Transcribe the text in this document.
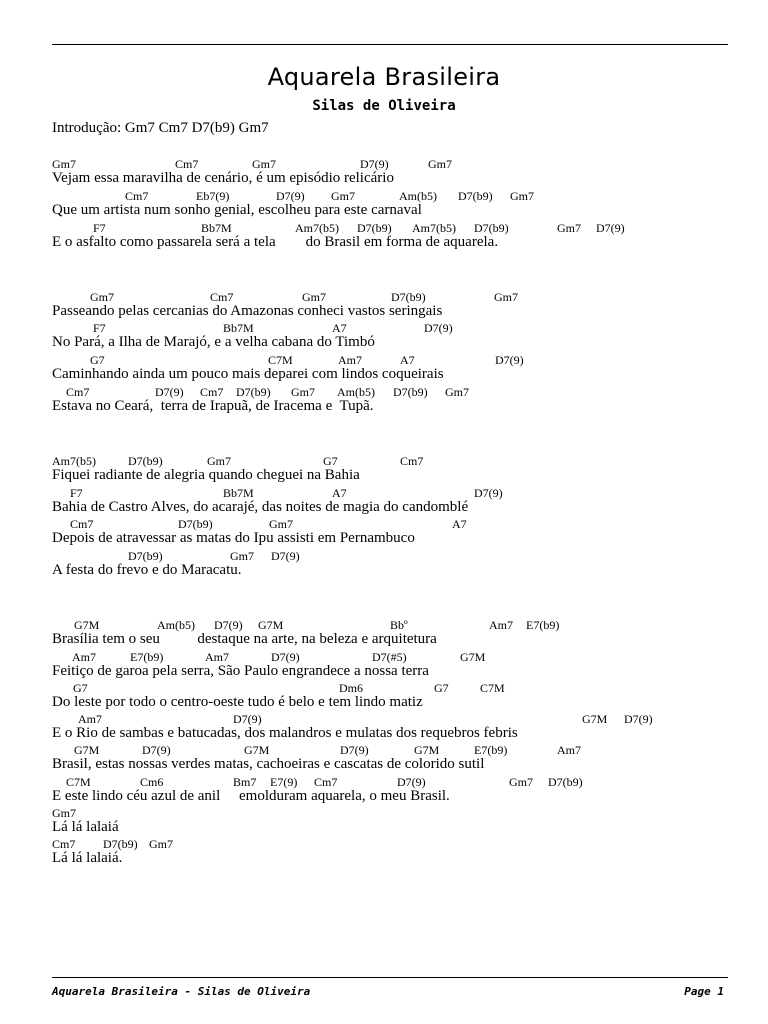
Aquarela Brasileira
Silas de Oliveira
Introdução: Gm7 Cm7 D7(b9) Gm7
Gm7	Cm7	Gm7	D7(9)	Gm7
Vejam essa maravilha de cenário, é um episódio relicário
Cm7	Eb7(9)	D7(9) Gm7	Am(b5) D7(b9) Gm7
Que um artista num sonho genial, escolheu para este carnaval
F7	Bb7M	Am7(b5) D7(b9) Am7(b5) D7(b9)	Gm7 D7(9)
E o asfalto como passarela será a tela        do Brasil em forma de aquarela.
Gm7	Cm7	Gm7	D7(b9)	Gm7
Passeando pelas cercanias do Amazonas conheci vastos seringais
F7	Bb7M	A7	D7(9)
No Pará, a Ilha de Marajó, e a velha cabana do Timbó
G7	C7M	Am7	A7	D7(9)
Caminhando ainda um pouco mais deparei com lindos coqueirais
Cm7	D7(9) Cm7 D7(b9) Gm7 Am(b5) D7(b9) Gm7
Estava no Ceará,  terra de Irapuã, de Iracema e  Tupã.
Am7(b5)	D7(b9)	Gm7	G7	Cm7
Fiquei radiante de alegria quando cheguei na Bahia
F7	Bb7M	A7	D7(9)
Bahia de Castro Alves, do acarajé, das noites de magia do candomblé
Cm7	D7(b9)	Gm7	A7
Depois de atravessar as matas do Ipu assisti em Pernambuco
D7(b9)	Gm7 D7(9)
A festa do frevo e do Maracatu.
G7M	Am(b5) D7(9) G7M	Bbº	Am7 E7(b9)
Brasília tem o seu          destaque na arte, na beleza e arquitetura
Am7	E7(b9)	Am7	D7(9)	D7(#5)	G7M
Feitiço de garoa pela serra, São Paulo engrandece a nossa terra
G7	Dm6	G7	C7M
Do leste por todo o centro-oeste tudo é belo e tem lindo matiz
Am7	D7(9)	G7M D7(9)
E o Rio de sambas e batucadas, dos malandros e mulatas dos requebros febris
G7M	D7(9)	G7M	D7(9)	G7M	E7(b9)	Am7
Brasil, estas nossas verdes matas, cachoeiras e cascatas de colorido sutil
C7M	Cm6	Bm7 E7(9) Cm7	D7(9)	Gm7 D7(b9)
E este lindo céu azul de anil     emolduram aquarela, o meu Brasil.
Gm7
Lá lá lalaiá
Cm7 D7(b9) Gm7
Lá lá lalaiá.
Aquarela Brasileira - Silas de Oliveira	Page 1
